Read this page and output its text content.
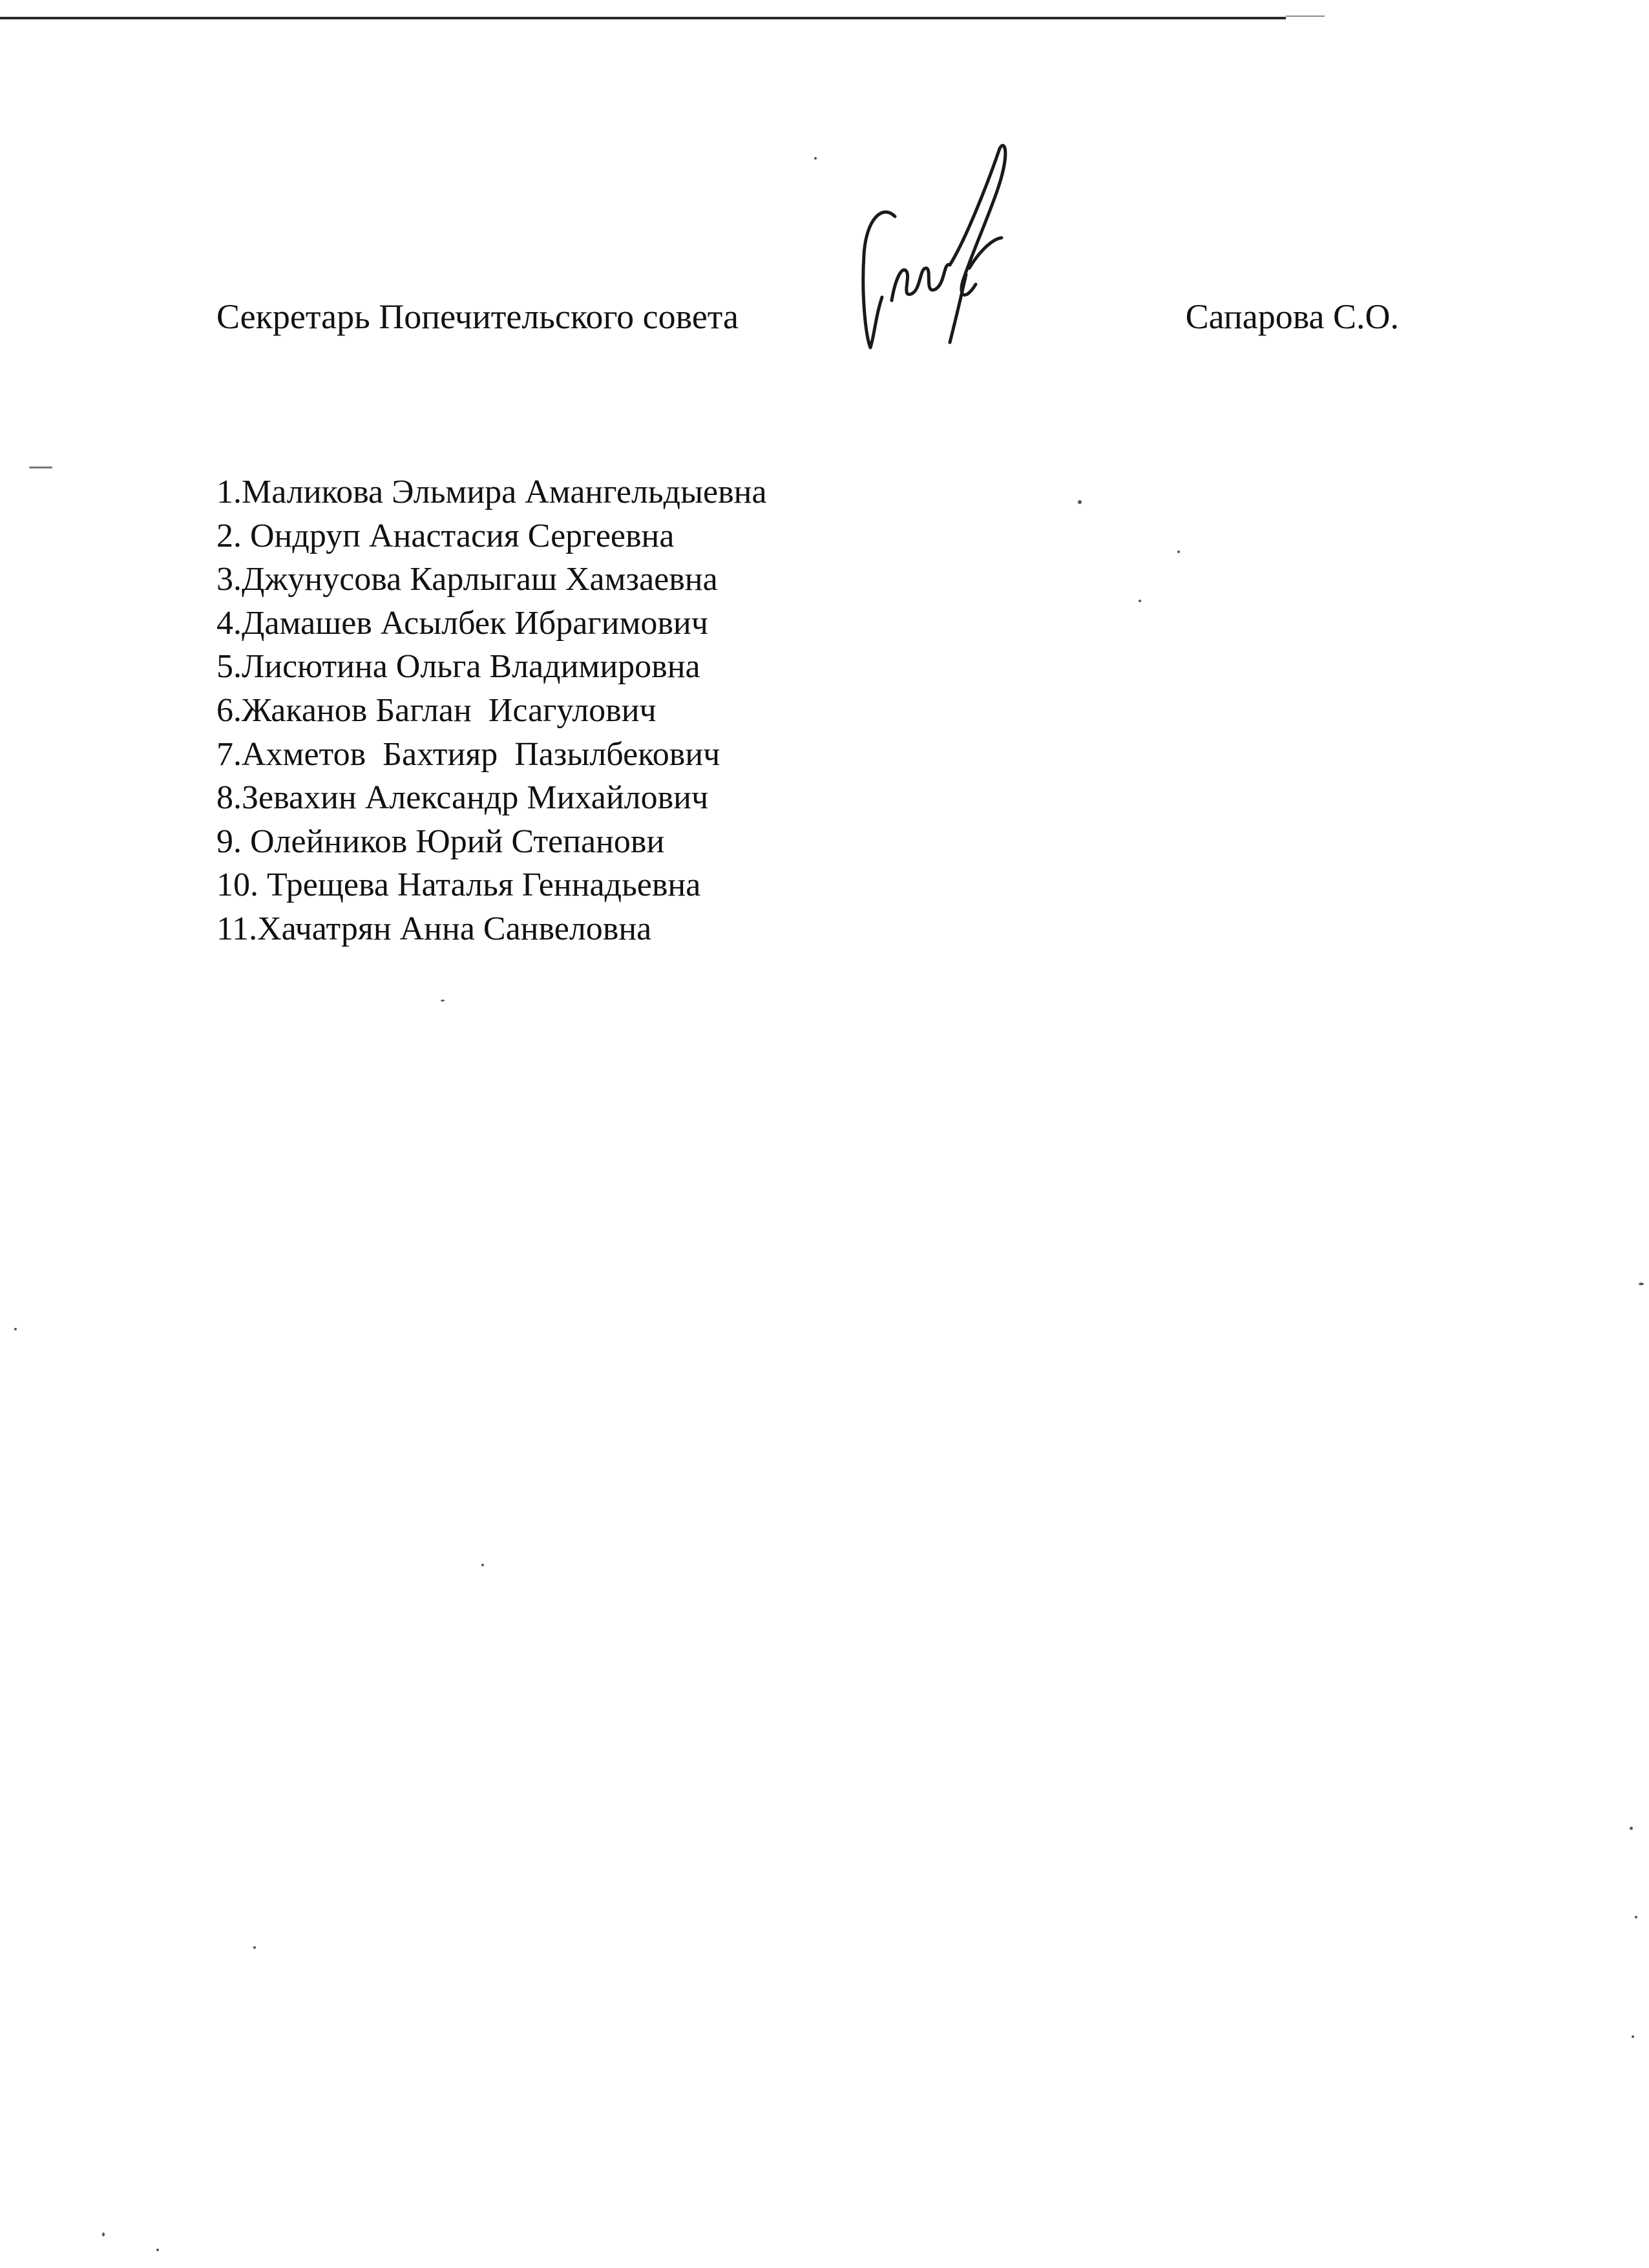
Секретарь Попечительского совета	Сапарова С.О.
1.Маликова Эльмира Амангельдыевна
2. Ондруп Анастасия Сергеевна
3.Джунусова Карлыгаш Хамзаевна
4.Дамашев Асылбек Ибрагимович
5.Лисютина Ольга Владимировна
6.Жаканов Баглан  Исагулович
7.Ахметов  Бахтияр  Пазылбекович
8.Зевахин Александр Михайлович
9. Олейников Юрий Степанови
10. Трещева Наталья Геннадьевна
11.Хачатрян Анна Санвеловна
